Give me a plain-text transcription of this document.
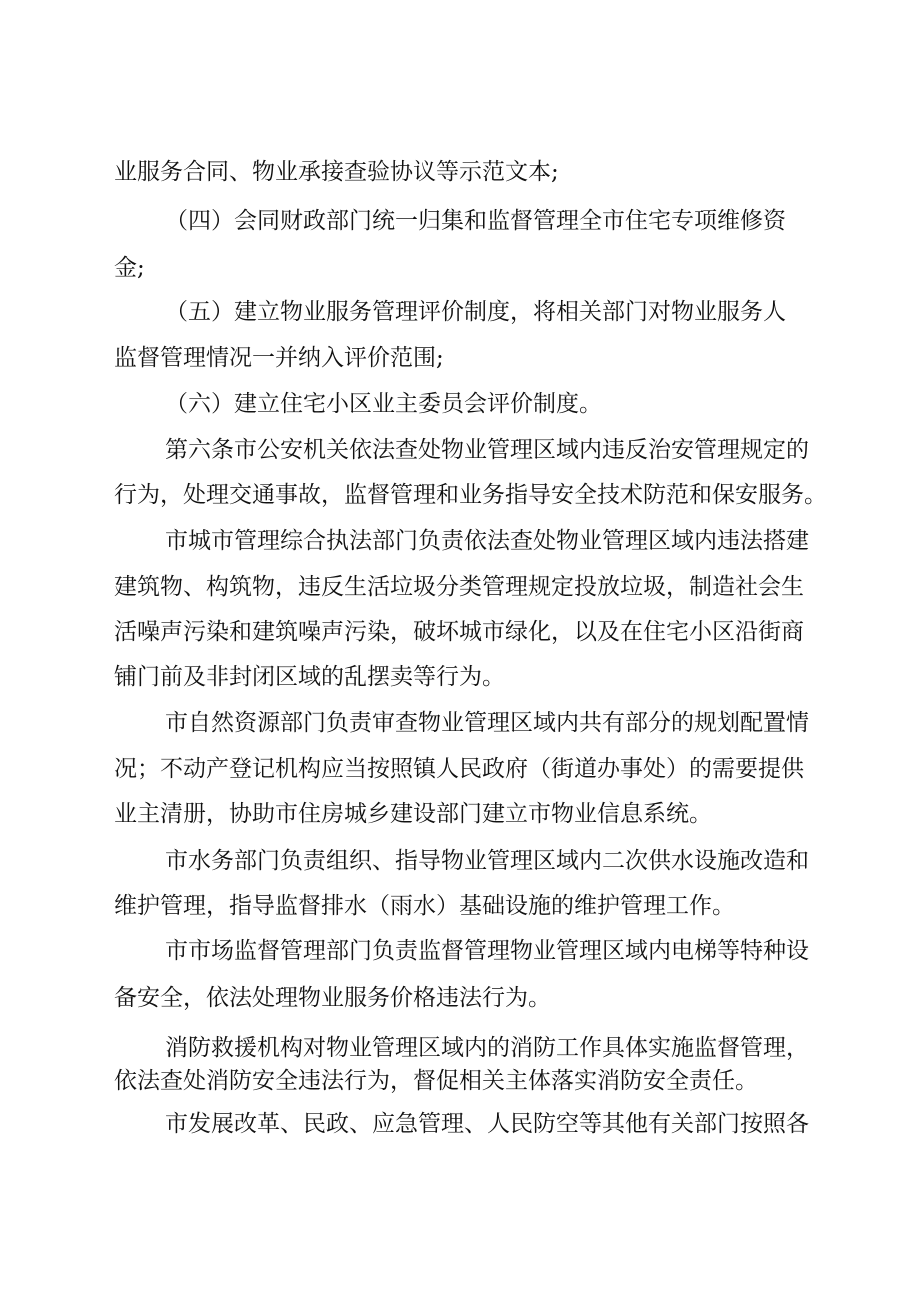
业服务合同、物业承接查验协议等示范文本;

（四）会同财政部门统一归集和监督管理全市住宅专项维修资

金;

（五）建立物业服务管理评价制度，将相关部门对物业服务人

监督管理情况一并纳入评价范围;

（六）建立住宅小区业主委员会评价制度。

第六条市公安机关依法查处物业管理区域内违反治安管理规定的

行为，处理交通事故，监督管理和业务指导安全技术防范和保安服务。

市城市管理综合执法部门负责依法查处物业管理区域内违法搭建

建筑物、构筑物，违反生活垃圾分类管理规定投放垃圾，制造社会生

活噪声污染和建筑噪声污染，破坏城市绿化，以及在住宅小区沿街商

铺门前及非封闭区域的乱摆卖等行为。

市自然资源部门负责审查物业管理区域内共有部分的规划配置情

况；不动产登记机构应当按照镇人民政府（街道办事处）的需要提供

业主清册，协助市住房城乡建设部门建立市物业信息系统。

市水务部门负责组织、指导物业管理区域内二次供水设施改造和

维护管理，指导监督排水（雨水）基础设施的维护管理工作。

市市场监督管理部门负责监督管理物业管理区域内电梯等特种设

备安全，依法处理物业服务价格违法行为。

消防救援机构对物业管理区域内的消防工作具体实施监督管理，

依法查处消防安全违法行为，督促相关主体落实消防安全责任。

市发展改革、民政、应急管理、人民防空等其他有关部门按照各
